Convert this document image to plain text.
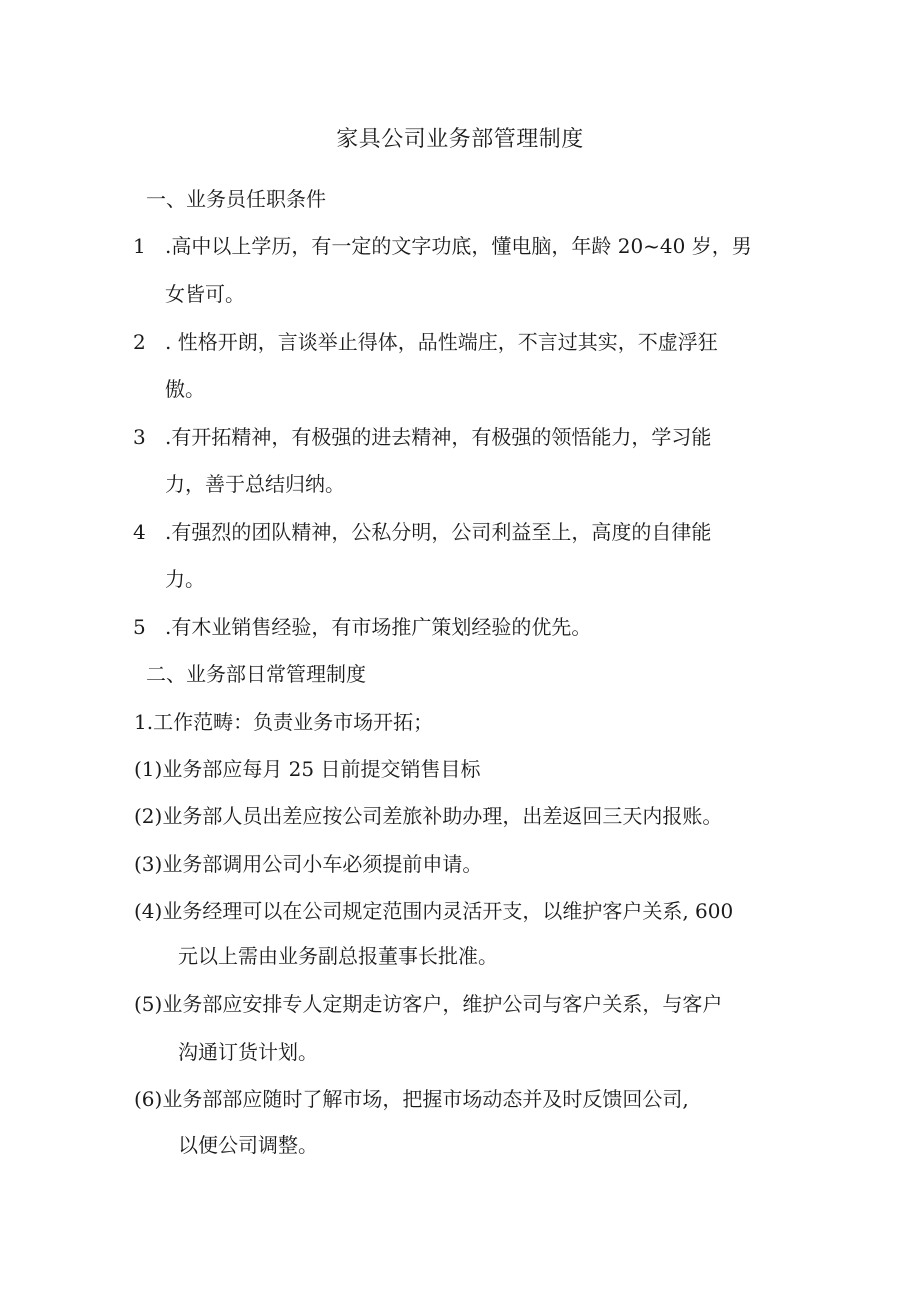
家具公司业务部管理制度
一、业务员任职条件
1 .高中以上学历，有一定的文字功底，懂电脑，年龄 20~40 岁，男
女皆可。
2 . 性格开朗，言谈举止得体，品性端庄，不言过其实，不虚浮狂
傲。
3 .有开拓精神，有极强的进去精神，有极强的领悟能力，学习能
力，善于总结归纳。
4 .有强烈的团队精神，公私分明，公司利益至上，高度的自律能
力。
5 .有木业销售经验，有市场推广策划经验的优先。
二、业务部日常管理制度
1.工作范畴：负责业务市场开拓；
(1)业务部应每月 25 日前提交销售目标
(2)业务部人员出差应按公司差旅补助办理，出差返回三天内报账。
(3)业务部调用公司小车必须提前申请。
(4)业务经理可以在公司规定范围内灵活开支，以维护客户关系, 600
元以上需由业务副总报董事长批准。
(5)业务部应安排专人定期走访客户，维护公司与客户关系，与客户
沟通订货计划。
(6)业务部部应随时了解市场，把握市场动态并及时反馈回公司,
以便公司调整。
